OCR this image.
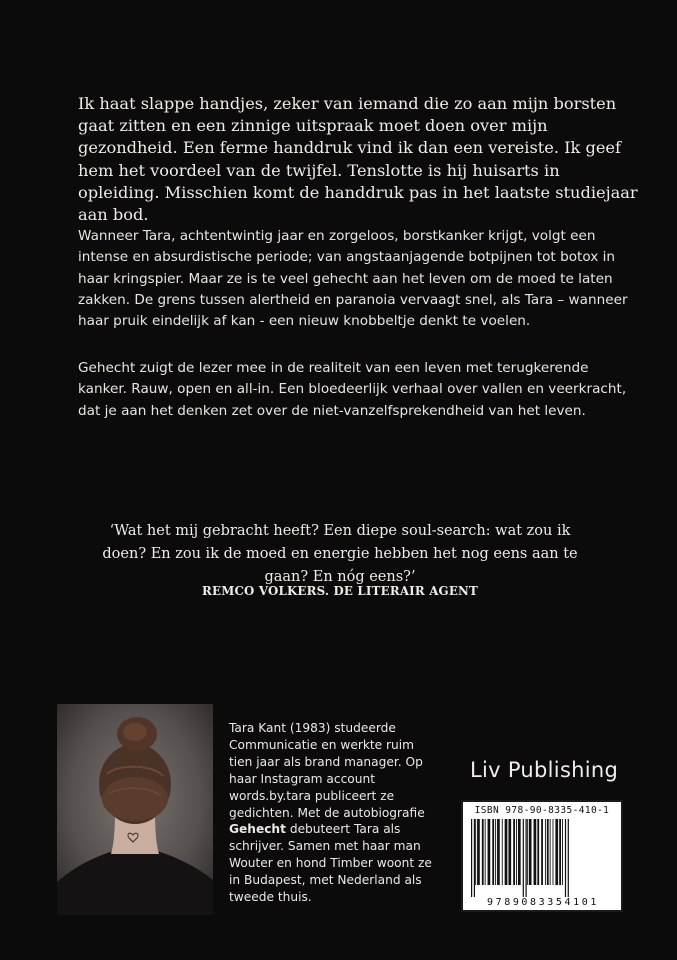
Ik haat slappe handjes, zeker van iemand die zo aan mijn borsten gaat zitten en een zinnige uitspraak moet doen over mijn gezondheid. Een ferme handdruk vind ik dan een vereiste. Ik geef hem het voordeel van de twijfel. Tenslotte is hij huisarts in opleiding. Misschien komt de handdruk pas in het laatste studiejaar aan bod.

Wanneer Tara, achtentwintig jaar en zorgeloos, borstkanker krijgt, volgt een intense en absurdistische periode; van angstaanjagende botpijnen tot botox in haar kringspier. Maar ze is te veel gehecht aan het leven om de moed te laten zakken. De grens tussen alertheid en paranoia vervaagt snel, als Tara – wanneer haar pruik eindelijk af kan - een nieuw knobbeltje denkt te voelen.

Gehecht zuigt de lezer mee in de realiteit van een leven met terugkerende kanker. Rauw, open en all-in. Een bloedeerlijk verhaal over vallen en veerkracht, dat je aan het denken zet over de niet-vanzelfsprekendheid van het leven.

‘Wat het mij gebracht heeft? Een diepe soul-search: wat zou ik doen? En zou ik de moed en energie hebben het nog eens aan te gaan? En nóg eens?’

REMCO VOLKERS. DE LITERAIR AGENT

Tara Kant (1983) studeerde Communicatie en werkte ruim tien jaar als brand manager. Op haar Instagram account words.by.tara publiceert ze gedichten. Met de autobiografie Gehecht debuteert Tara als schrijver. Samen met haar man Wouter en hond Timber woont ze in Budapest, met Nederland als tweede thuis.

Liv Publishing
ISBN 978-90-8335-410-1
9789083354101
